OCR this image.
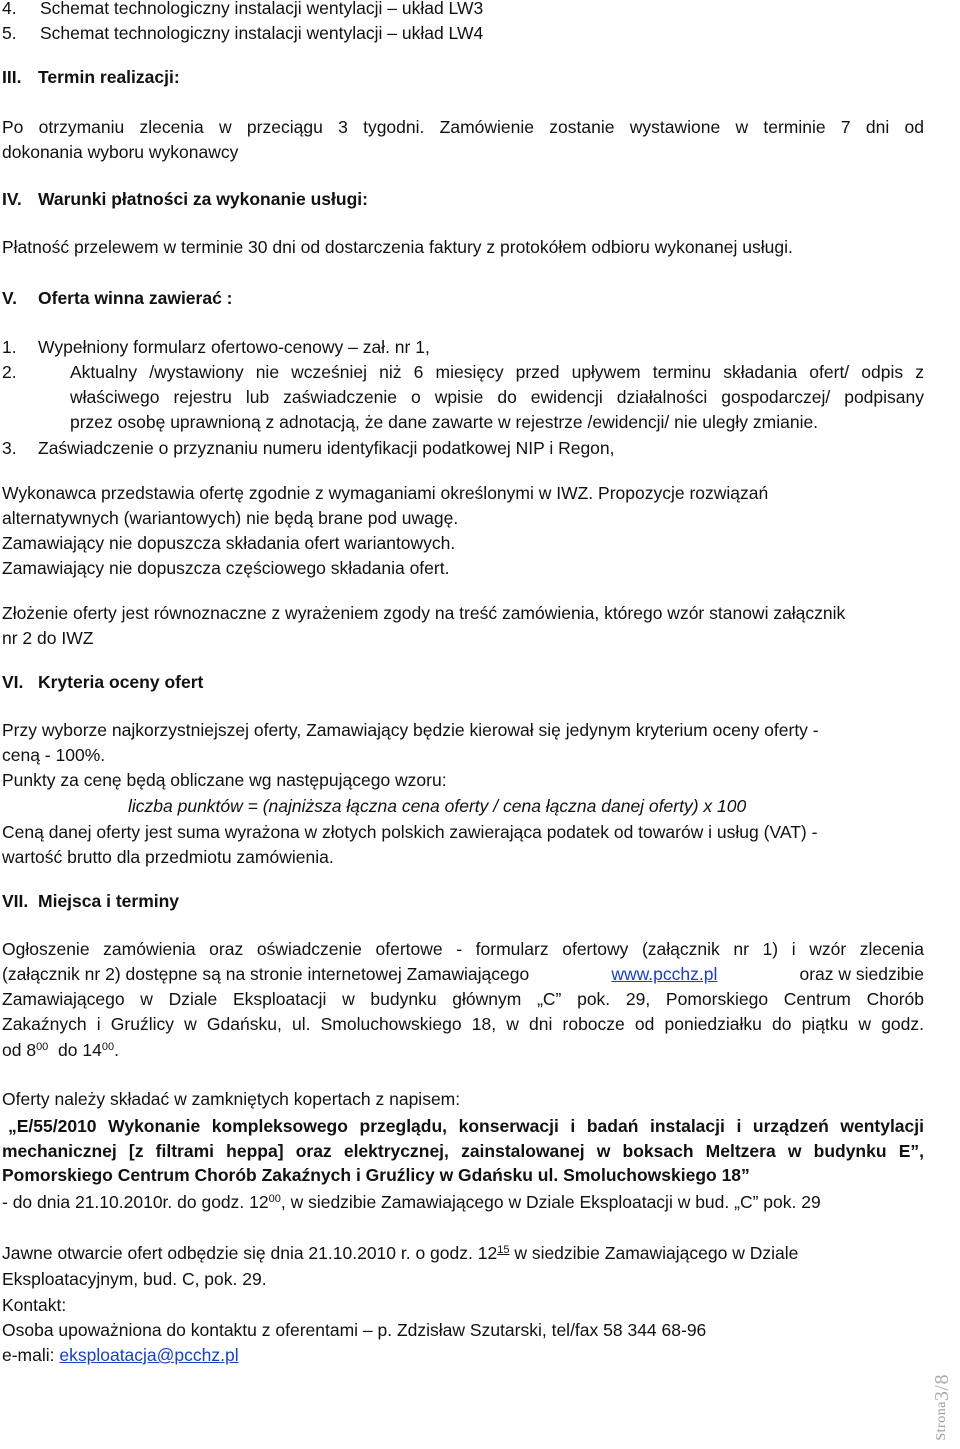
4. Schemat technologiczny instalacji wentylacji – układ LW3
5. Schemat technologiczny instalacji wentylacji – układ LW4
III. Termin realizacji:
Po otrzymaniu zlecenia w przeciągu 3 tygodni. Zamówienie zostanie wystawione w terminie 7 dni od
dokonania wyboru wykonawcy
IV. Warunki płatności za wykonanie usługi:
Płatność przelewem w terminie 30 dni od dostarczenia faktury z protokółem odbioru wykonanej usługi.
V. Oferta winna zawierać :
1. Wypełniony formularz ofertowo-cenowy – zał. nr 1,
2.	Aktualny /wystawiony nie wcześniej niż 6 miesięcy przed upływem terminu składania ofert/ odpis z
właściwego rejestru lub zaświadczenie o wpisie do ewidencji działalności gospodarczej/ podpisany
przez osobę uprawnioną z adnotacją, że dane zawarte w rejestrze /ewidencji/ nie uległy zmianie.
3. Zaświadczenie o przyznaniu numeru identyfikacji podatkowej NIP i Regon,
Wykonawca przedstawia ofertę zgodnie z wymaganiami określonymi w IWZ. Propozycje rozwiązań
alternatywnych (wariantowych) nie będą brane pod uwagę.
Zamawiający nie dopuszcza składania ofert wariantowych.
Zamawiający nie dopuszcza częściowego składania ofert.
Złożenie oferty jest równoznaczne z wyrażeniem zgody na treść zamówienia, którego wzór stanowi załącznik
nr 2 do IWZ
VI. Kryteria oceny ofert
Przy wyborze najkorzystniejszej oferty, Zamawiający będzie kierował się jedynym kryterium oceny oferty -
ceną - 100%.
Punkty za cenę będą obliczane wg następującego wzoru:
liczba punktów = (najniższa łączna cena oferty / cena łączna danej oferty) x 100
Ceną danej oferty jest suma wyrażona w złotych polskich zawierająca podatek od towarów i usług (VAT) -
wartość brutto dla przedmiotu zamówienia.
VII. Miejsca i terminy
Ogłoszenie zamówienia oraz oświadczenie ofertowe - formularz ofertowy (załącznik nr 1) i wzór zlecenia
(załącznik nr 2) dostępne są na stronie internetowej Zamawiającego	www.pcchz.pl	oraz w siedzibie
Zamawiającego w Dziale Eksploatacji w budynku głównym „C” pok. 29, Pomorskiego Centrum Chorób
Zakaźnych i Gruźlicy w Gdańsku, ul. Smoluchowskiego 18, w dni robocze od poniedziałku do piątku w godz.
od $8^{00}$ do $14^{00}$.
Oferty należy składać w zamkniętych kopertach z napisem:
„E/55/2010 Wykonanie kompleksowego przeglądu, konserwacji i badań instalacji i urządzeń wentylacji
mechanicznej [z filtrami heppa] oraz elektrycznej, zainstalowanej w boksach Meltzera w budynku E”,
Pomorskiego Centrum Chorób Zakaźnych i Gruźlicy w Gdańsku ul. Smoluchowskiego 18”
- do dnia 21.10.2010r. do godz. $12^{00}$, w siedzibie Zamawiającego w Dziale Eksploatacji w bud. „C” pok. 29
Jawne otwarcie ofert odbędzie się dnia 21.10.2010 r. o godz. $12^{15}$ w siedzibie Zamawiającego w Dziale
Eksploatacyjnym, bud. C, pok. 29.
Kontakt:
Osoba upoważniona do kontaktu z oferentami – p. Zdzisław Szutarski, tel/fax 58 344 68-96
e-mali: eksploatacja@pcchz.pl
Strona3/8
